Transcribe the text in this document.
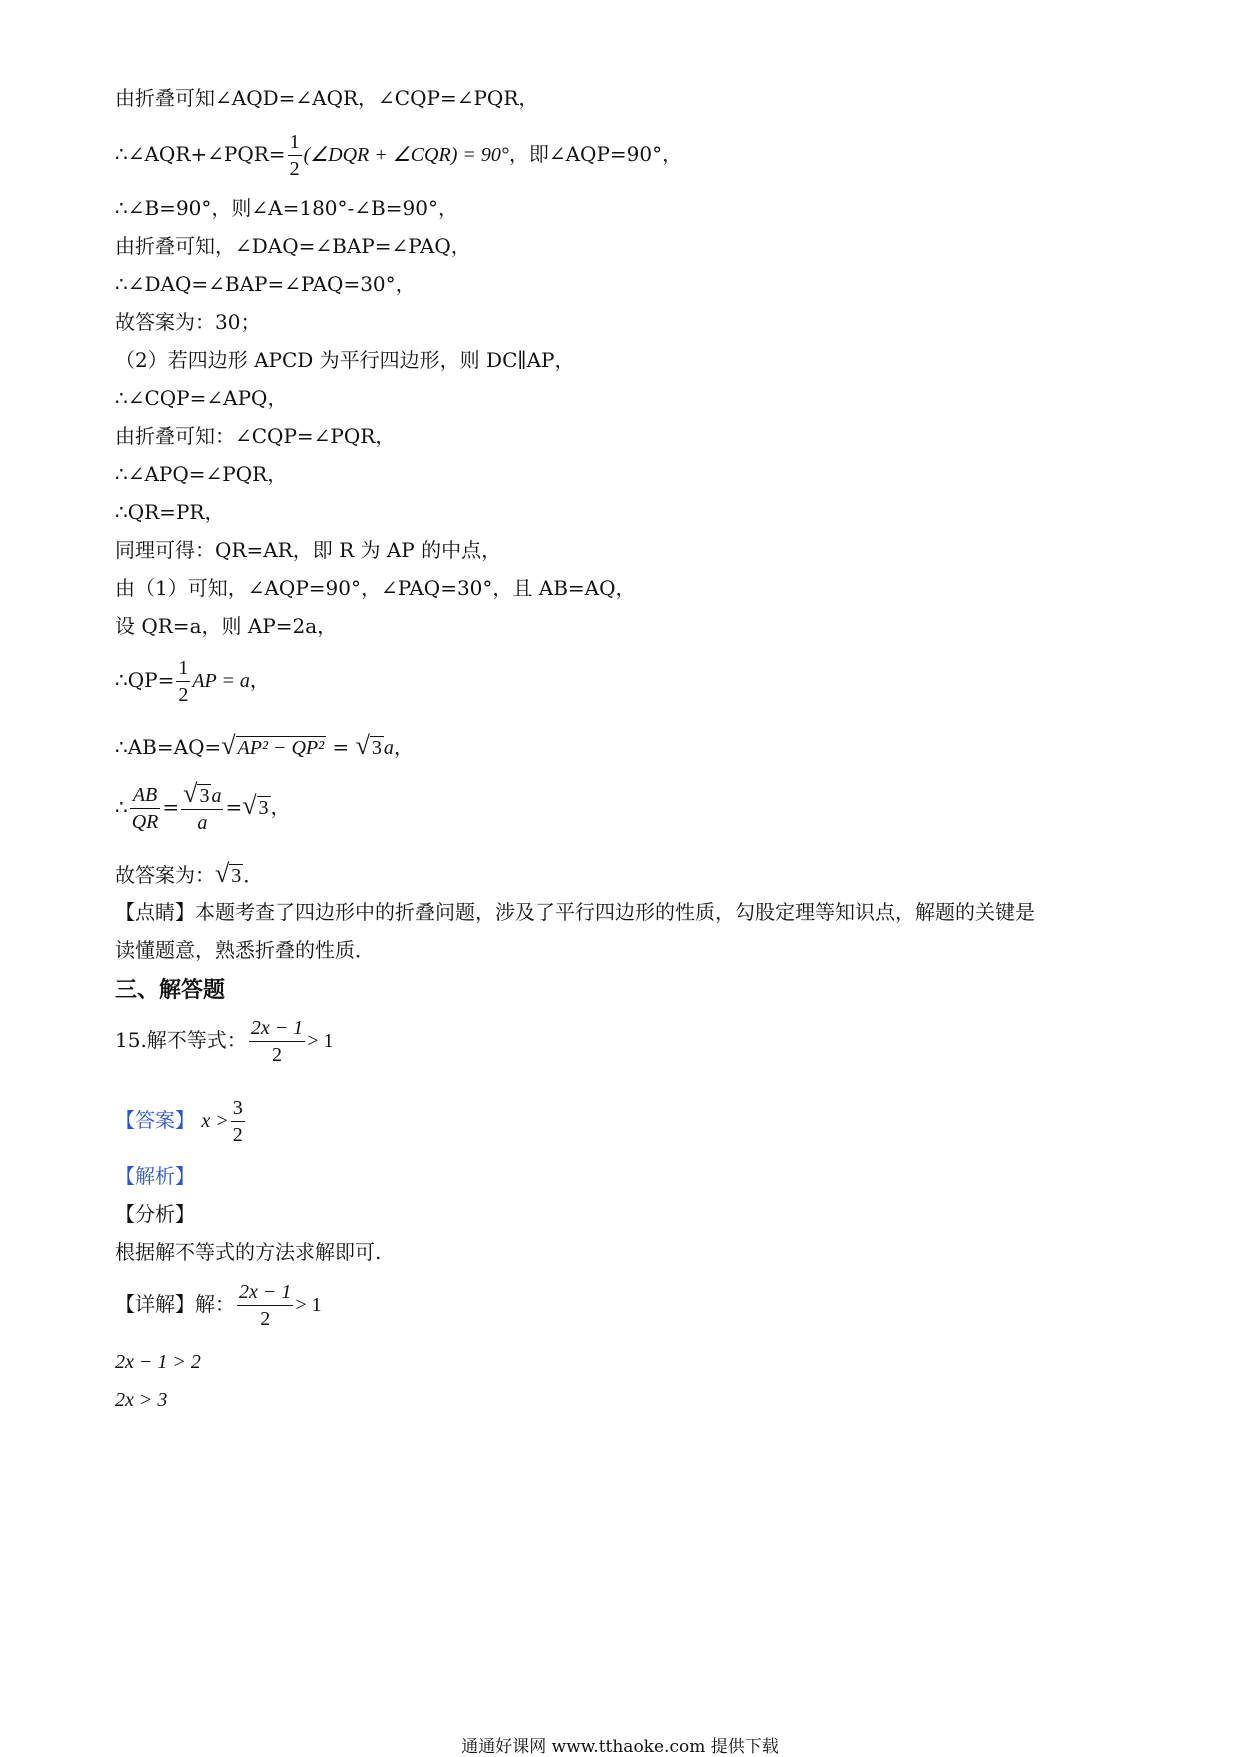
由折叠可知∠AQD=∠AQR，∠CQP=∠PQR，
∴∠AQR+∠PQR= $\frac{1}{2}$ (∠DQR + ∠CQR) = 90°，即∠AQP=90°，
∴∠B=90°，则∠A=180°-∠B=90°，
由折叠可知，∠DAQ=∠BAP=∠PAQ，
∴∠DAQ=∠BAP=∠PAQ=30°，
故答案为：30；
（2）若四边形 APCD 为平行四边形，则 DC∥AP，
∴∠CQP=∠APQ，
由折叠可知：∠CQP=∠PQR，
∴∠APQ=∠PQR，
∴QR=PR，
同理可得：QR=AR，即 R 为 AP 的中点，
由（1）可知，∠AQP=90°，∠PAQ=30°，且 AB=AQ，
设 QR=a，则 AP=2a，
∴QP= $\frac{1}{2}$ AP = a，
∴AB=AQ=√ AP² − QP² = √ 3 a，
∴ $\frac{AB}{QR} = \frac{√ 3 a}{a}$ =√ 3 ，
故答案为：√ 3 ．
【点睛】本题考查了四边形中的折叠问题，涉及了平行四边形的性质，勾股定理等知识点，解题的关键是
读懂题意，熟悉折叠的性质．
三、解答题
15.解不等式： $\frac{2x - 1}{2} > 1$
【答案】 $x > \frac{3}{2}$
【解析】
【分析】
根据解不等式的方法求解即可.
【详解】解： $\frac{2x - 1}{2} > 1$
2x − 1 > 2
2x > 3
通通好课网 www.tthaoke.com 提供下载
